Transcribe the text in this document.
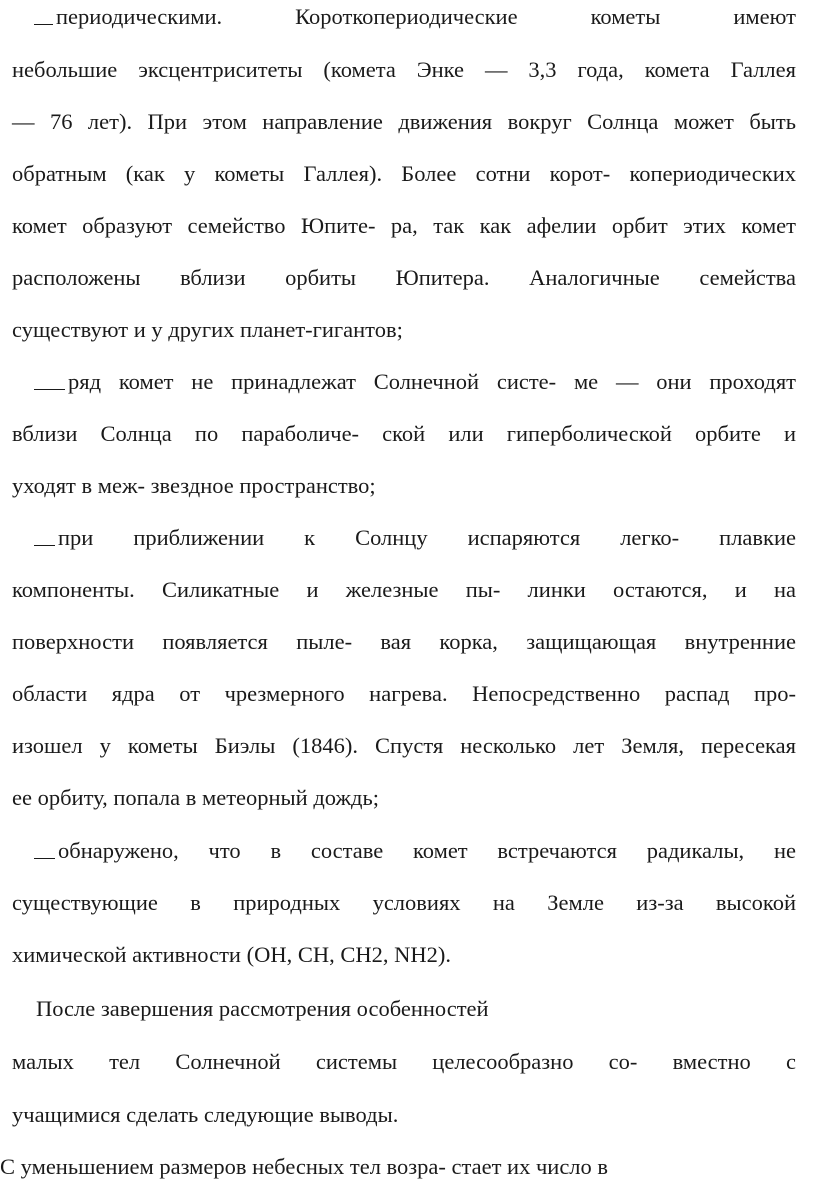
периодическими. Короткопериодические кометы имеют
небольшие эксцентриситеты (комета Энке — 3,3 года, комета Галлея
— 76 лет). При этом направление движения вокруг Солнца может быть
обратным (как у кометы Галлея). Более сотни корот- копериодических
комет образуют семейство Юпите- ра, так как афелии орбит этих комет
расположены вблизи орбиты Юпитера. Аналогичные семейства
существуют и у других планет-гигантов;
ряд комет не принадлежат Солнечной систе- ме — они проходят
вблизи Солнца по параболиче- ской или гиперболической орбите и
уходят в меж- звездное пространство;
при приближении к Солнцу испаряются легко- плавкие
компоненты. Силикатные и железные пы- линки остаются, и на
поверхности появляется пыле- вая корка, защищающая внутренние
области ядра от чрезмерного нагрева. Непосредственно распад про-
изошел у кометы Биэлы (1846). Спустя несколько лет Земля, пересекая
ее орбиту, попала в метеорный дождь;
обнаружено, что в составе комет встречаются радикалы, не
существующие в природных условиях на Земле из-за высокой
химической активности (OH, CH, CH2, NH2).
После завершения рассмотрения особенностей
малых тел Солнечной системы целесообразно со- вместно с
учащимися сделать следующие выводы.
С уменьшением размеров небесных тел возра- стает их число в
